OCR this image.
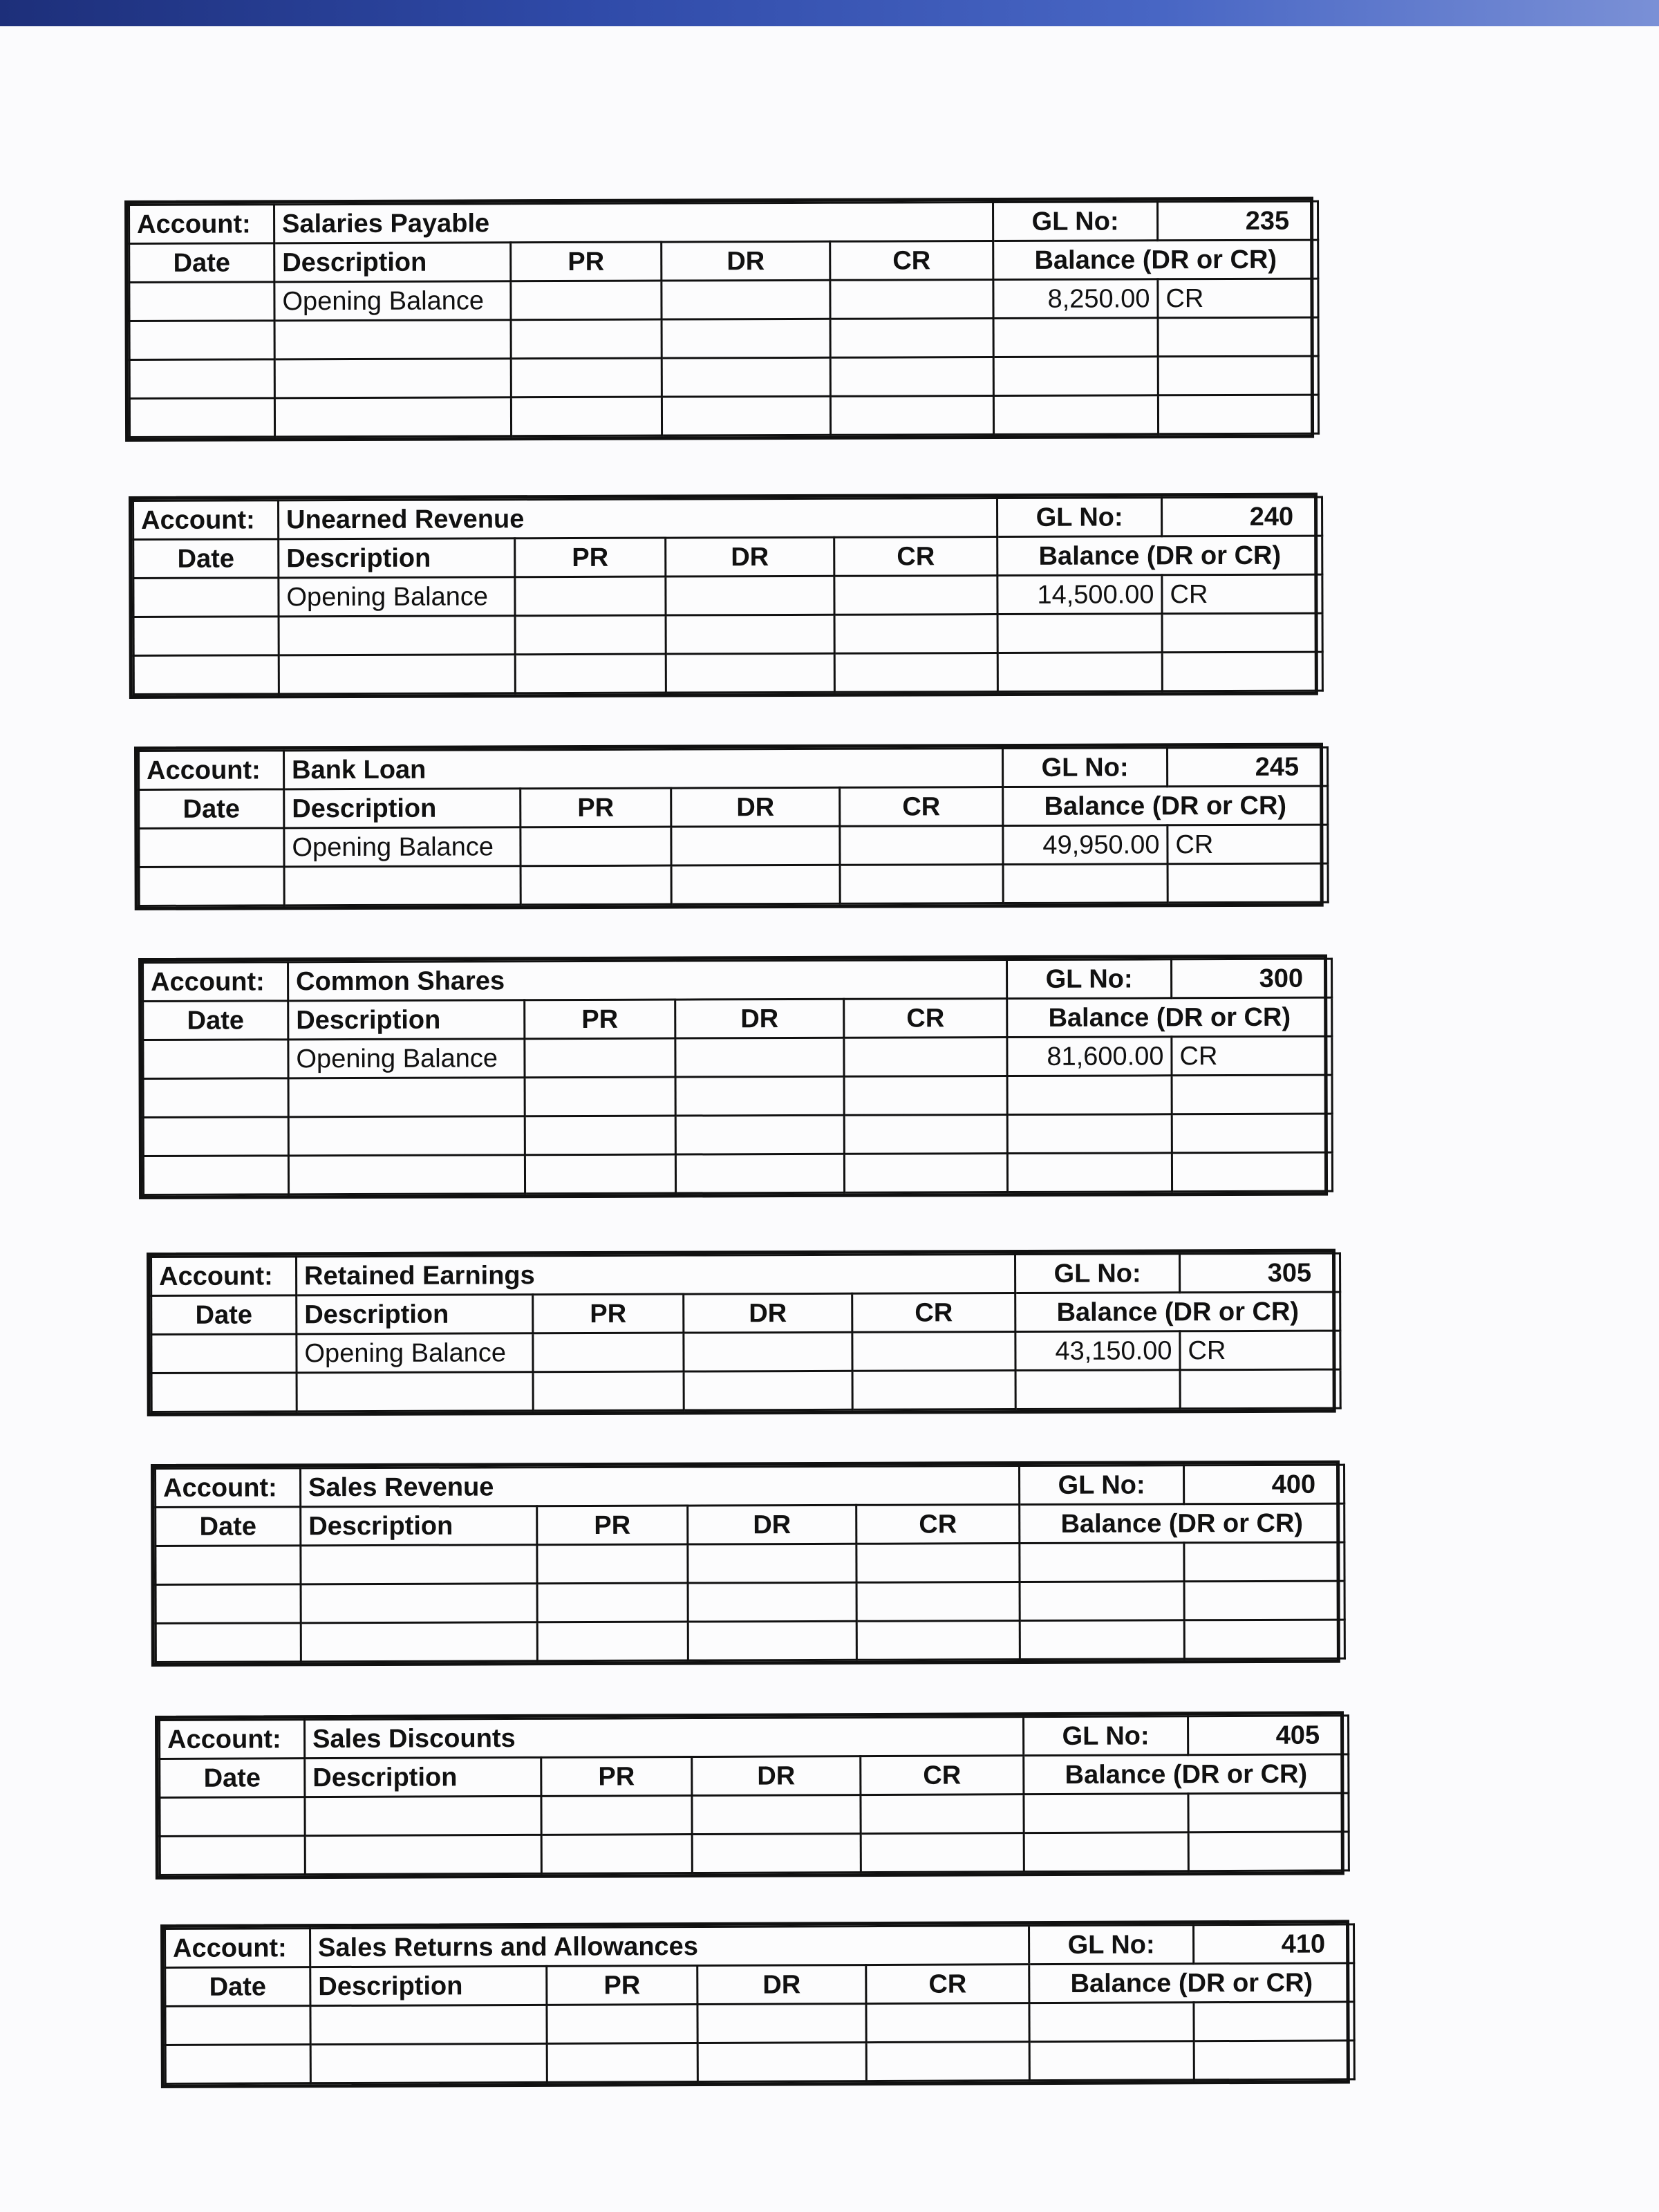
Account:	Salaries Payable				GL No:	235
Date	Description	PR	DR	CR	Balance (DR or CR)	
	Opening Balance				8,250.00	CR

Account:	Unearned Revenue				GL No:	240
Date	Description	PR	DR	CR	Balance (DR or CR)	
	Opening Balance				14,500.00	CR

Account:	Bank Loan				GL No:	245
Date	Description	PR	DR	CR	Balance (DR or CR)	
	Opening Balance				49,950.00	CR

Account:	Common Shares				GL No:	300
Date	Description	PR	DR	CR	Balance (DR or CR)	
	Opening Balance				81,600.00	CR

Account:	Retained Earnings				GL No:	305
Date	Description	PR	DR	CR	Balance (DR or CR)	
	Opening Balance				43,150.00	CR

Account:	Sales Revenue				GL No:	400
Date	Description	PR	DR	CR	Balance (DR or CR)	

Account:	Sales Discounts				GL No:	405
Date	Description	PR	DR	CR	Balance (DR or CR)	

Account:	Sales Returns and Allowances				GL No:	410
Date	Description	PR	DR	CR	Balance (DR or CR)	
